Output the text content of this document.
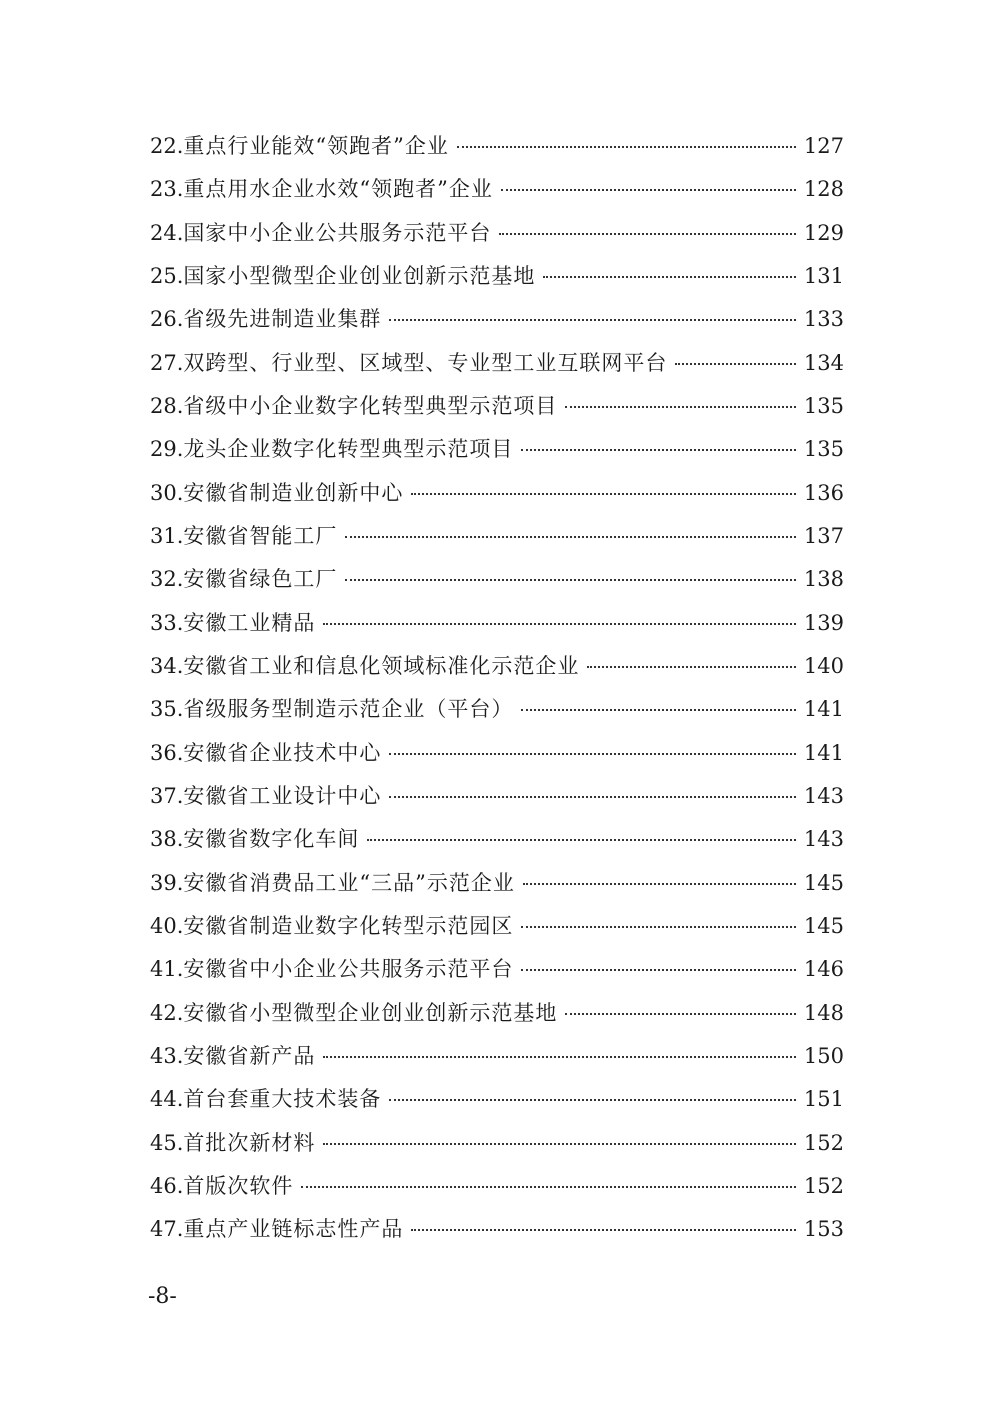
22. 重点行业能效“领跑者”企业	127
23. 重点用水企业水效“领跑者”企业	128
24. 国家中小企业公共服务示范平台	129
25. 国家小型微型企业创业创新示范基地	131
26. 省级先进制造业集群	133
27. 双跨型、行业型、区域型、专业型工业互联网平台	134
28. 省级中小企业数字化转型典型示范项目	135
29. 龙头企业数字化转型典型示范项目	135
30. 安徽省制造业创新中心	136
31. 安徽省智能工厂	137
32. 安徽省绿色工厂	138
33. 安徽工业精品	139
34. 安徽省工业和信息化领域标准化示范企业	140
35. 省级服务型制造示范企业（平台）	141
36. 安徽省企业技术中心	141
37. 安徽省工业设计中心	143
38. 安徽省数字化车间	143
39. 安徽省消费品工业“三品”示范企业	145
40. 安徽省制造业数字化转型示范园区	145
41. 安徽省中小企业公共服务示范平台	146
42. 安徽省小型微型企业创业创新示范基地	148
43. 安徽省新产品	150
44. 首台套重大技术装备	151
45. 首批次新材料	152
46. 首版次软件	152
47. 重点产业链标志性产品	153
-8-
